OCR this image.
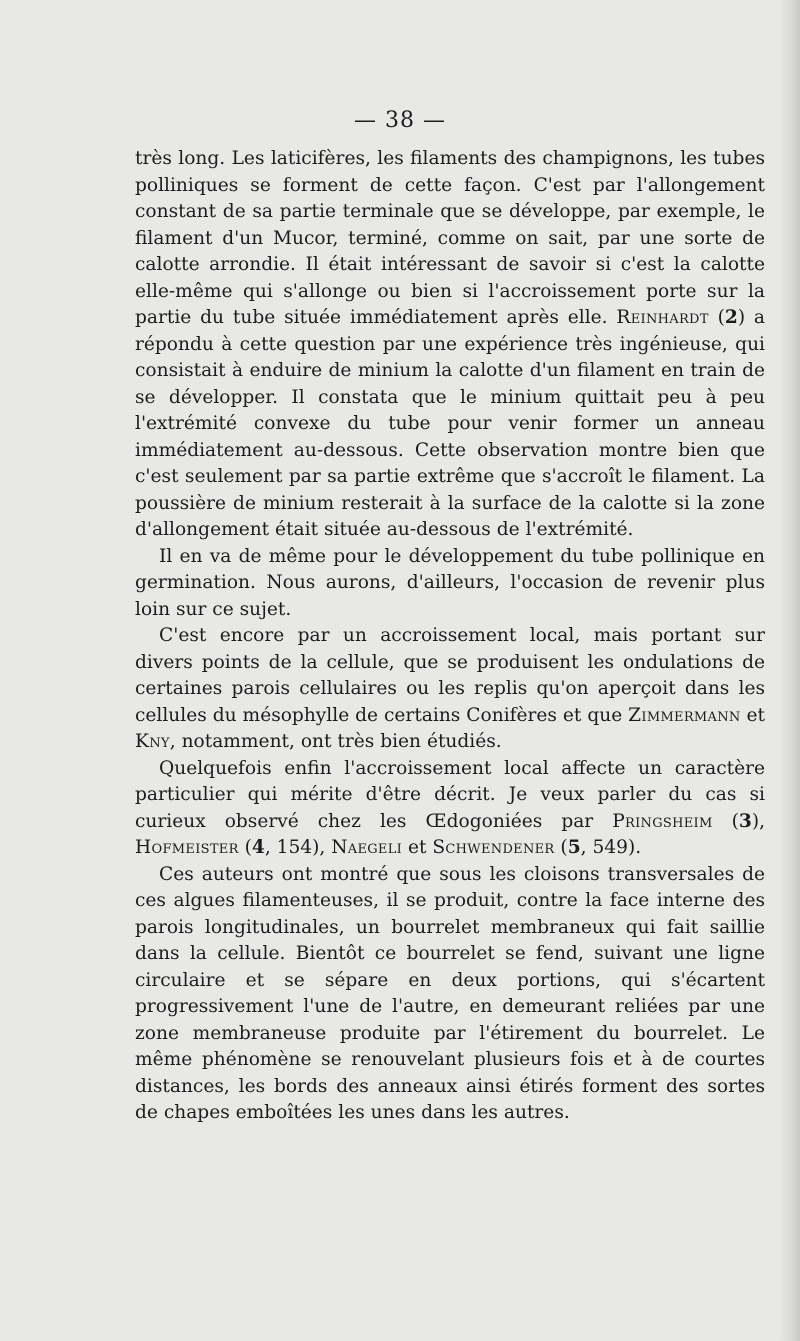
— 38 —

très long. Les laticifères, les filaments des champignons, les tubes polliniques se forment de cette façon. C'est par l'allongement constant de sa partie terminale que se développe, par exemple, le filament d'un Mucor, terminé, comme on sait, par une sorte de calotte arrondie. Il était intéressant de savoir si c'est la calotte elle-même qui s'allonge ou bien si l'accroissement porte sur la partie du tube située immédiatement après elle. Reinhardt (2) a répondu à cette question par une expérience très ingénieuse, qui consistait à enduire de minium la calotte d'un filament en train de se développer. Il constata que le minium quittait peu à peu l'extrémité convexe du tube pour venir former un anneau immédiatement au-dessous. Cette observation montre bien que c'est seulement par sa partie extrême que s'accroît le filament. La poussière de minium resterait à la surface de la calotte si la zone d'allongement était située au-dessous de l'extrémité.

Il en va de même pour le développement du tube pollinique en germination. Nous aurons, d'ailleurs, l'occasion de revenir plus loin sur ce sujet.

C'est encore par un accroissement local, mais portant sur divers points de la cellule, que se produisent les ondulations de certaines parois cellulaires ou les replis qu'on aperçoit dans les cellules du mésophylle de certains Conifères et que Zimmermann et Kny, notamment, ont très bien étudiés.

Quelquefois enfin l'accroissement local affecte un caractère particulier qui mérite d'être décrit. Je veux parler du cas si curieux observé chez les Œdogoniées par Pringsheim (3), Hofmeister (4, 154), Naegeli et Schwendener (5, 549).

Ces auteurs ont montré que sous les cloisons transversales de ces algues filamenteuses, il se produit, contre la face interne des parois longitudinales, un bourrelet membraneux qui fait saillie dans la cellule. Bientôt ce bourrelet se fend, suivant une ligne circulaire et se sépare en deux portions, qui s'écartent progressivement l'une de l'autre, en demeurant reliées par une zone membraneuse produite par l'étirement du bourrelet. Le même phénomène se renouvelant plusieurs fois et à de courtes distances, les bords des anneaux ainsi étirés forment des sortes de chapes emboîtées les unes dans les autres.
